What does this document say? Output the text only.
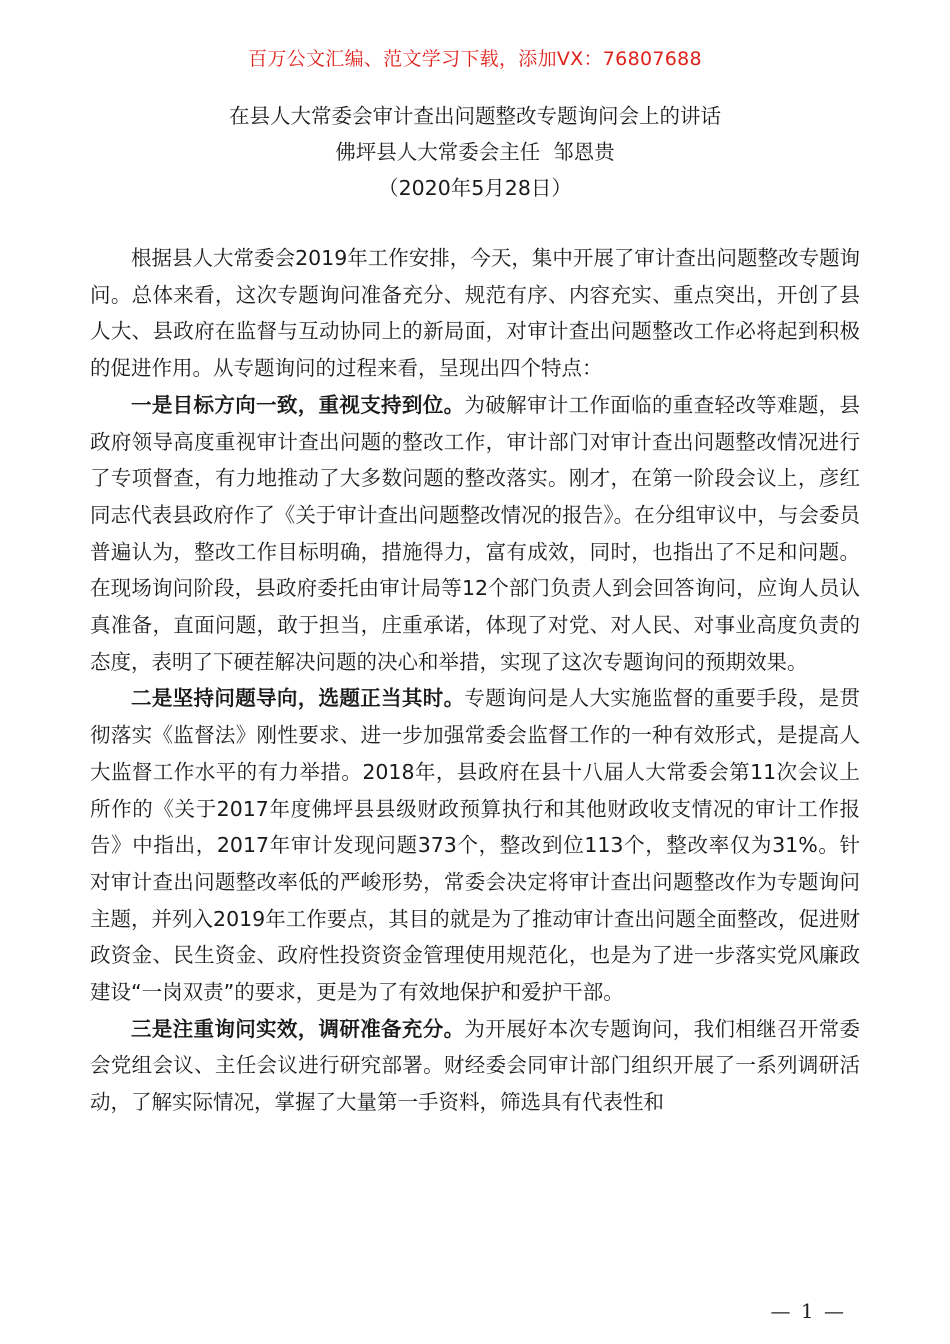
百万公文汇编、范文学习下载，添加VX：76807688
在县人大常委会审计查出问题整改专题询问会上的讲话
佛坪县人大常委会主任  邹恩贵
（2020年5月28日）

根据县人大常委会2019年工作安排，今天，集中开展了审计查出问题整改专题询问。总体来看，这次专题询问准备充分、规范有序、内容充实、重点突出，开创了县人大、县政府在监督与互动协同上的新局面，对审计查出问题整改工作必将起到积极的促进作用。从专题询问的过程来看，呈现出四个特点：

一是目标方向一致，重视支持到位。为破解审计工作面临的重查轻改等难题，县政府领导高度重视审计查出问题的整改工作，审计部门对审计查出问题整改情况进行了专项督查，有力地推动了大多数问题的整改落实。刚才，在第一阶段会议上，彦红同志代表县政府作了《关于审计查出问题整改情况的报告》。在分组审议中，与会委员普遍认为，整改工作目标明确，措施得力，富有成效，同时，也指出了不足和问题。在现场询问阶段，县政府委托由审计局等12个部门负责人到会回答询问，应询人员认真准备，直面问题，敢于担当，庄重承诺，体现了对党、对人民、对事业高度负责的态度，表明了下硬茬解决问题的决心和举措，实现了这次专题询问的预期效果。

二是坚持问题导向，选题正当其时。专题询问是人大实施监督的重要手段，是贯彻落实《监督法》刚性要求、进一步加强常委会监督工作的一种有效形式，是提高人大监督工作水平的有力举措。2018年，县政府在县十八届人大常委会第11次会议上所作的《关于2017年度佛坪县县级财政预算执行和其他财政收支情况的审计工作报告》中指出，2017年审计发现问题373个，整改到位113个，整改率仅为31%。针对审计查出问题整改率低的严峻形势，常委会决定将审计查出问题整改作为专题询问主题，并列入2019年工作要点，其目的就是为了推动审计查出问题全面整改，促进财政资金、民生资金、政府性投资资金管理使用规范化，也是为了进一步落实党风廉政建设“一岗双责”的要求，更是为了有效地保护和爱护干部。

三是注重询问实效，调研准备充分。为开展好本次专题询问，我们相继召开常委会党组会议、主任会议进行研究部署。财经委会同审计部门组织开展了一系列调研活动，了解实际情况，掌握了大量第一手资料，筛选具有代表性和

— 1 —
